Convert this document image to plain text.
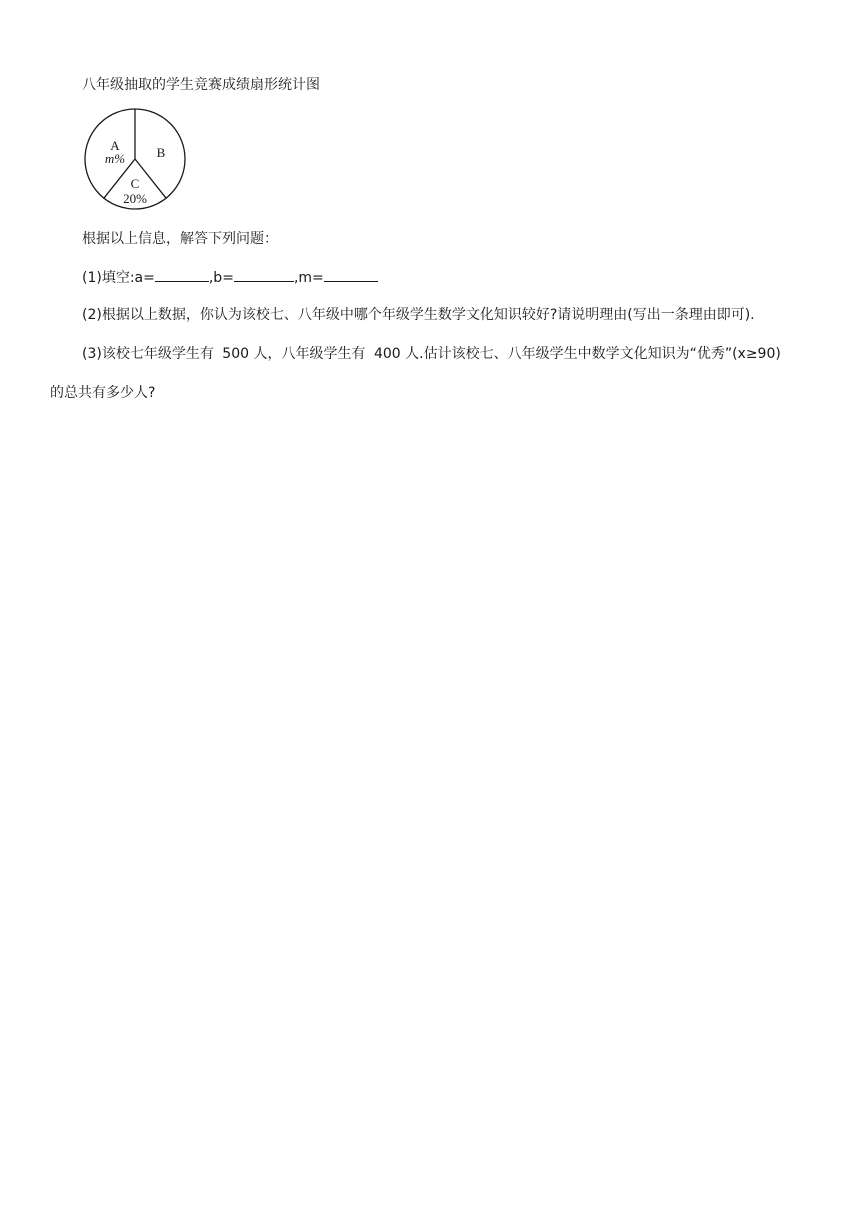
八年级抽取的学生竞赛成绩扇形统计图
A
m% B
C
20%
根据以上信息，解答下列问题：
(1)填空:a=	,b=	,m=
(2)根据以上数据，你认为该校七、八年级中哪个年级学生数学文化知识较好?请说明理由(写出一条理由即可).
(3)该校七年级学生有 500 人，八年级学生有 400 人.估计该校七、八年级学生中数学文化知识为“优秀”(x≥90)
的总共有多少人?
